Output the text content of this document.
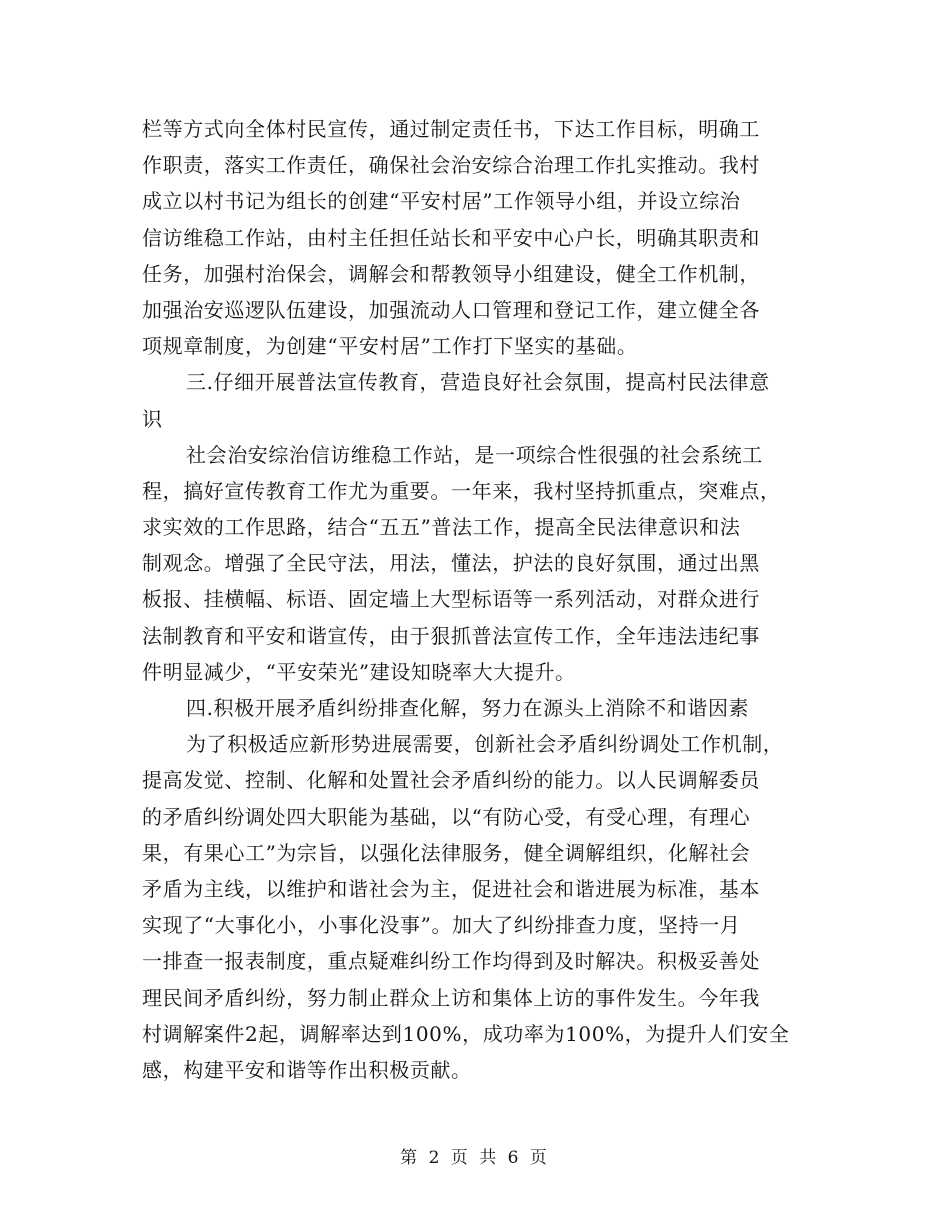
栏等方式向全体村民宣传，通过制定责任书，下达工作目标，明确工
作职责，落实工作责任，确保社会治安综合治理工作扎实推动。我村
成立以村书记为组长的创建“平安村居”工作领导小组，并设立综治
信访维稳工作站，由村主任担任站长和平安中心户长，明确其职责和
任务，加强村治保会，调解会和帮教领导小组建设，健全工作机制，
加强治安巡逻队伍建设，加强流动人口管理和登记工作，建立健全各
项规章制度，为创建“平安村居”工作打下坚实的基础。
三.仔细开展普法宣传教育，营造良好社会氛围，提高村民法律意
识
社会治安综治信访维稳工作站，是一项综合性很强的社会系统工
程，搞好宣传教育工作尤为重要。一年来，我村坚持抓重点，突难点，
求实效的工作思路，结合“五五”普法工作，提高全民法律意识和法
制观念。增强了全民守法，用法，懂法，护法的良好氛围，通过出黑
板报、挂横幅、标语、固定墙上大型标语等一系列活动，对群众进行
法制教育和平安和谐宣传，由于狠抓普法宣传工作，全年违法违纪事
件明显减少，“平安荣光”建设知晓率大大提升。
四.积极开展矛盾纠纷排查化解，努力在源头上消除不和谐因素
为了积极适应新形势进展需要，创新社会矛盾纠纷调处工作机制，
提高发觉、控制、化解和处置社会矛盾纠纷的能力。以人民调解委员
的矛盾纠纷调处四大职能为基础，以“有防心受，有受心理，有理心
果，有果心工”为宗旨，以强化法律服务，健全调解组织，化解社会
矛盾为主线，以维护和谐社会为主，促进社会和谐进展为标准，基本
实现了“大事化小，小事化没事”。加大了纠纷排查力度，坚持一月
一排查一报表制度，重点疑难纠纷工作均得到及时解决。积极妥善处
理民间矛盾纠纷，努力制止群众上访和集体上访的事件发生。今年我
村调解案件2起，调解率达到100%，成功率为100%，为提升人们安全
感，构建平安和谐等作出积极贡献。
第 2 页 共 6 页
